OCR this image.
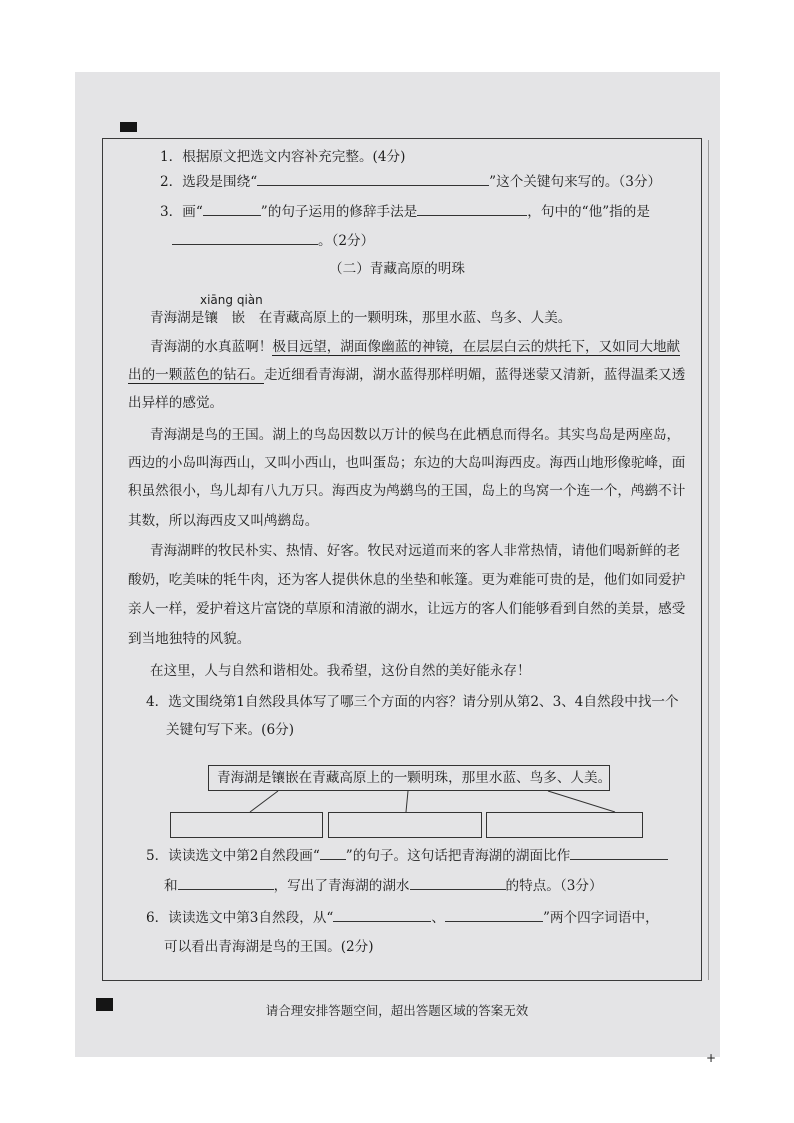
1．根据原文把选文内容补充完整。(4分)
2．选段是围绕“	”这个关键句来写的。（3分）
3．画“	”的句子运用的修辞手法是	，句中的“他”指的是
。（2分）
（二）青藏高原的明珠
xiāng qiàn
青海湖是镶　嵌　在青藏高原上的一颗明珠，那里水蓝、鸟多、人美。
青海湖的水真蓝啊！极目远望，湖面像幽蓝的神镜，在层层白云的烘托下，又如同大地献
出的一颗蓝色的钻石。走近细看青海湖，湖水蓝得那样明媚，蓝得迷蒙又清新，蓝得温柔又透
出异样的感觉。
青海湖是鸟的王国。湖上的鸟岛因数以万计的候鸟在此栖息而得名。其实鸟岛是两座岛，
西边的小岛叫海西山，又叫小西山，也叫蛋岛；东边的大岛叫海西皮。海西山地形像驼峰，面
积虽然很小，鸟儿却有八九万只。海西皮为鸬鹚鸟的王国，岛上的鸟窝一个连一个，鸬鹚不计
其数，所以海西皮又叫鸬鹚岛。
青海湖畔的牧民朴实、热情、好客。牧民对远道而来的客人非常热情，请他们喝新鲜的老
酸奶，吃美味的牦牛肉，还为客人提供休息的坐垫和帐篷。更为难能可贵的是，他们如同爱护
亲人一样，爱护着这片富饶的草原和清澈的湖水，让远方的客人们能够看到自然的美景，感受
到当地独特的风貌。
在这里，人与自然和谐相处。我希望，这份自然的美好能永存！
4．选文围绕第1自然段具体写了哪三个方面的内容？请分别从第2、3、4自然段中找一个
关键句写下来。(6分)
青海湖是镶嵌在青藏高原上的一颗明珠，那里水蓝、鸟多、人美。
5．读读选文中第2自然段画“ ”的句子。这句话把青海湖的湖面比作
和	，写出了青海湖的湖水	的特点。（3分）
6．读读选文中第3自然段，从“	、	”两个四字词语中，
可以看出青海湖是鸟的王国。(2分)
请合理安排答题空间，超出答题区域的答案无效
+
